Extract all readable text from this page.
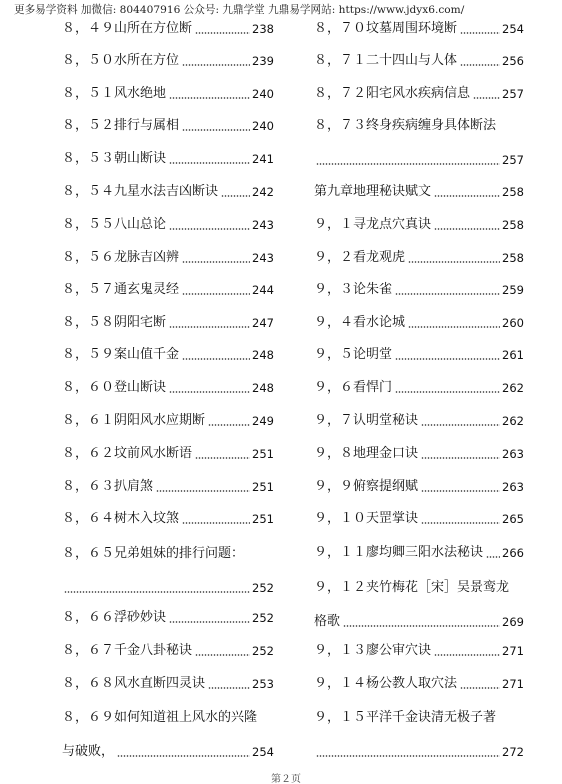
更多易学资料 加微信: 804407916 公众号: 九鼎学堂 九鼎易学网站: https://www.jdyx6.com/
８，４９山所在方位断	238
８，５０水所在方位	239
８，５１风水绝地	240
８，５２排行与属相	240
８，５３朝山断诀	241
８，５４九星水法吉凶断诀	242
８，５５八山总论	243
８，５６龙脉吉凶辨	243
８，５７通玄鬼灵经	244
８，５８阴阳宅断	247
８，５９案山值千金	248
８，６０登山断诀	248
８，６１阴阳风水应期断	249
８，６２坟前风水断语	251
８，６３扒肩煞	251
８，６４树木入坟煞	251
８，６５兄弟姐妹的排行问题：
252
８，６６浮砂妙诀	252
８，６７千金八卦秘诀	252
８，６８风水直断四灵诀	253
８，６９如何知道祖上风水的兴隆
与破败，	254
８，７０坟墓周围环境断	254
８，７１二十四山与人体	256
８，７２阳宅风水疾病信息	257
８，７３终身疾病缠身具体断法
257
第九章地理秘诀赋文	258
９，１寻龙点穴真诀	258
９，２看龙观虎	258
９，３论朱雀	259
９，４看水论城	260
９，５论明堂	261
９，６看悍门	262
９，７认明堂秘诀	262
９，８地理金口诀	263
９，９俯察提纲赋	263
９，１０天罡掌诀	265
９，１１廖均卿三阳水法秘诀	266
９，１２夹竹梅花［宋］吴景鸾龙
格歌	269
９，１３廖公审穴诀	271
９，１４杨公教人取穴法	271
９，１５平洋千金诀清无极子著
272
第２页
